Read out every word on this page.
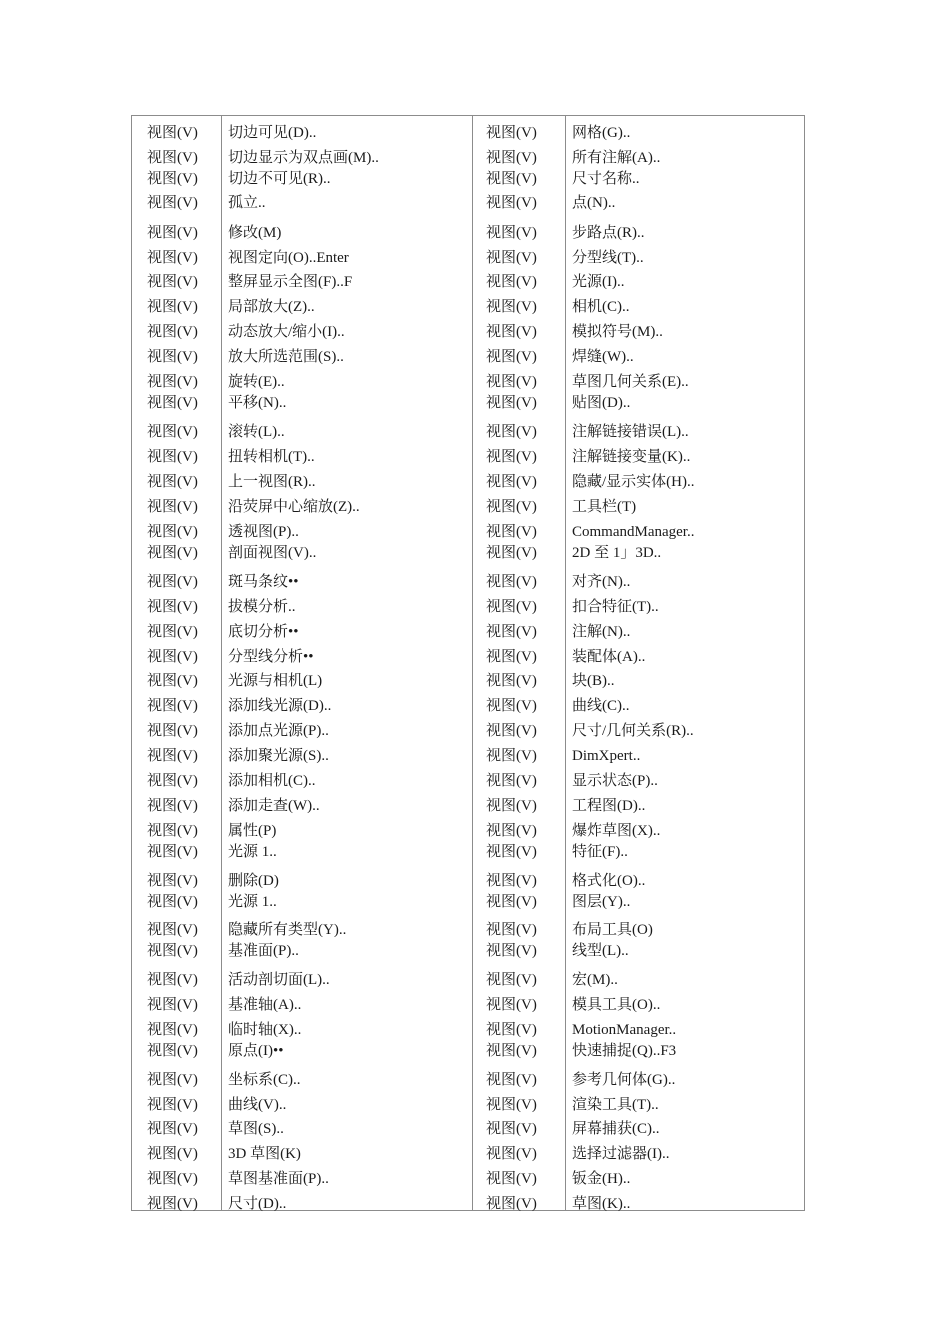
视图(V) 切边可见(D)..	视图(V) 网格(G)..
视图(V) 切边显示为双点画(M)..	视图(V) 所有注解(A)..
视图(V) 切边不可见(R)..	视图(V) 尺寸名称..
视图(V) 孤立..	视图(V) 点(N)..
视图(V) 修改(M)	视图(V) 步路点(R)..
视图(V) 视图定向(O)..Enter	视图(V) 分型线(T)..
视图(V) 整屏显示全图(F)..F	视图(V) 光源(I)..
视图(V) 局部放大(Z)..	视图(V) 相机(C)..
视图(V) 动态放大/缩小(I)..	视图(V) 模拟符号(M)..
视图(V) 放大所选范围(S)..	视图(V) 焊缝(W)..
视图(V) 旋转(E)..	视图(V) 草图几何关系(E)..
视图(V) 平移(N)..	视图(V) 贴图(D)..
视图(V) 滚转(L)..	视图(V) 注解链接错误(L)..
视图(V) 扭转相机(T)..	视图(V) 注解链接变量(K)..
视图(V) 上一视图(R)..	视图(V) 隐藏/显示实体(H)..
视图(V) 沿荧屏中心缩放(Z)..	视图(V) 工具栏(T)
视图(V) 透视图(P)..	视图(V) CommandManager..
视图(V) 剖面视图(V)..	视图(V) 2D 至 1」3D..
视图(V) 斑马条纹••	视图(V) 对齐(N)..
视图(V) 拔模分析..	视图(V) 扣合特征(T)..
视图(V) 底切分析••	视图(V) 注解(N)..
视图(V) 分型线分析••	视图(V) 装配体(A)..
视图(V) 光源与相机(L)	视图(V) 块(B)..
视图(V) 添加线光源(D)..	视图(V) 曲线(C)..
视图(V) 添加点光源(P)..	视图(V) 尺寸/几何关系(R)..
视图(V) 添加聚光源(S)..	视图(V) DimXpert..
视图(V) 添加相机(C)..	视图(V) 显示状态(P)..
视图(V) 添加走查(W)..	视图(V) 工程图(D)..
视图(V) 属性(P)	视图(V) 爆炸草图(X)..
视图(V) 光源 1..	视图(V) 特征(F)..
视图(V) 删除(D)	视图(V) 格式化(O)..
视图(V) 光源 1..	视图(V) 图层(Y)..
视图(V) 隐藏所有类型(Y)..	视图(V) 布局工具(O)
视图(V) 基准面(P)..	视图(V) 线型(L)..
视图(V) 活动剖切面(L)..	视图(V) 宏(M)..
视图(V) 基准轴(A)..	视图(V) 模具工具(O)..
视图(V) 临时轴(X)..	视图(V) MotionManager..
视图(V) 原点(I)••	视图(V) 快速捕捉(Q)..F3
视图(V) 坐标系(C)..	视图(V) 参考几何体(G)..
视图(V) 曲线(V)..	视图(V) 渲染工具(T)..
视图(V) 草图(S)..	视图(V) 屏幕捕获(C)..
视图(V) 3D 草图(K)	视图(V) 选择过滤器(I)..
视图(V) 草图基准面(P)..	视图(V) 钣金(H)..
视图(V) 尺寸(D)..	视图(V) 草图(K)..
